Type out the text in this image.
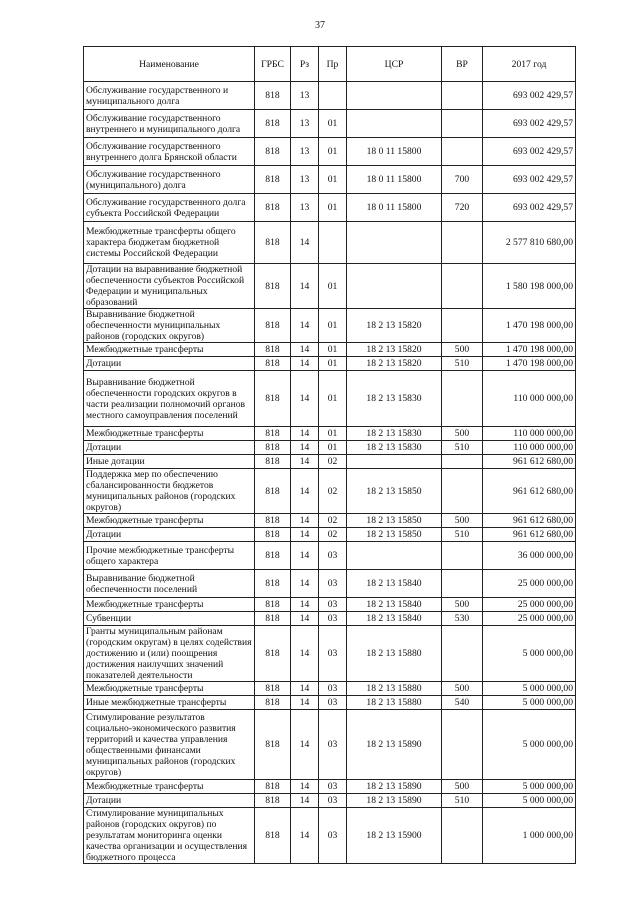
37
Наименование	ГРБС	Рз	Пр	ЦСР	ВР	2017 год
Обслуживание государственного и муниципального долга	818	13				693 002 429,57
Обслуживание государственного внутреннего и муниципального долга	818	13	01			693 002 429,57
Обслуживание государственного внутреннего долга Брянской области	818	13	01	18 0 11 15800		693 002 429,57
Обслуживание государственного (муниципального) долга	818	13	01	18 0 11 15800	700	693 002 429,57
Обслуживание государственного долга субъекта Российской Федерации	818	13	01	18 0 11 15800	720	693 002 429,57
Межбюджетные трансферты общего характера бюджетам бюджетной системы Российской Федерации	818	14				2 577 810 680,00
Дотации на выравнивание бюджетной обеспеченности субъектов Российской Федерации и муниципальных образований	818	14	01			1 580 198 000,00
Выравнивание бюджетной обеспеченности муниципальных районов (городских округов)	818	14	01	18 2 13 15820		1 470 198 000,00
Межбюджетные трансферты	818	14	01	18 2 13 15820	500	1 470 198 000,00
Дотации	818	14	01	18 2 13 15820	510	1 470 198 000,00
Выравнивание бюджетной обеспеченности городских округов в части реализации полномочий органов местного самоуправления поселений	818	14	01	18 2 13 15830		110 000 000,00
Межбюджетные трансферты	818	14	01	18 2 13 15830	500	110 000 000,00
Дотации	818	14	01	18 2 13 15830	510	110 000 000,00
Иные дотации	818	14	02			961 612 680,00
Поддержка мер по обеспечению сбалансированности бюджетов муниципальных районов (городских округов)	818	14	02	18 2 13 15850		961 612 680,00
Межбюджетные трансферты	818	14	02	18 2 13 15850	500	961 612 680,00
Дотации	818	14	02	18 2 13 15850	510	961 612 680,00
Прочие межбюджетные трансферты общего характера	818	14	03			36 000 000,00
Выравнивание бюджетной обеспеченности поселений	818	14	03	18 2 13 15840		25 000 000,00
Межбюджетные трансферты	818	14	03	18 2 13 15840	500	25 000 000,00
Субвенции	818	14	03	18 2 13 15840	530	25 000 000,00
Гранты муниципальным районам (городским округам) в целях содействия достижению и (или) поощрения достижения наилучших значений показателей деятельности	818	14	03	18 2 13 15880		5 000 000,00
Межбюджетные трансферты	818	14	03	18 2 13 15880	500	5 000 000,00
Иные межбюджетные трансферты	818	14	03	18 2 13 15880	540	5 000 000,00
Стимулирование результатов социально-экономического развития территорий и качества управления общественными финансами муниципальных районов (городских округов)	818	14	03	18 2 13 15890		5 000 000,00
Межбюджетные трансферты	818	14	03	18 2 13 15890	500	5 000 000,00
Дотации	818	14	03	18 2 13 15890	510	5 000 000,00
Стимулирование муниципальных районов (городских округов) по результатам мониторинга оценки качества организации и осуществления бюджетного процесса	818	14	03	18 2 13 15900		1 000 000,00
